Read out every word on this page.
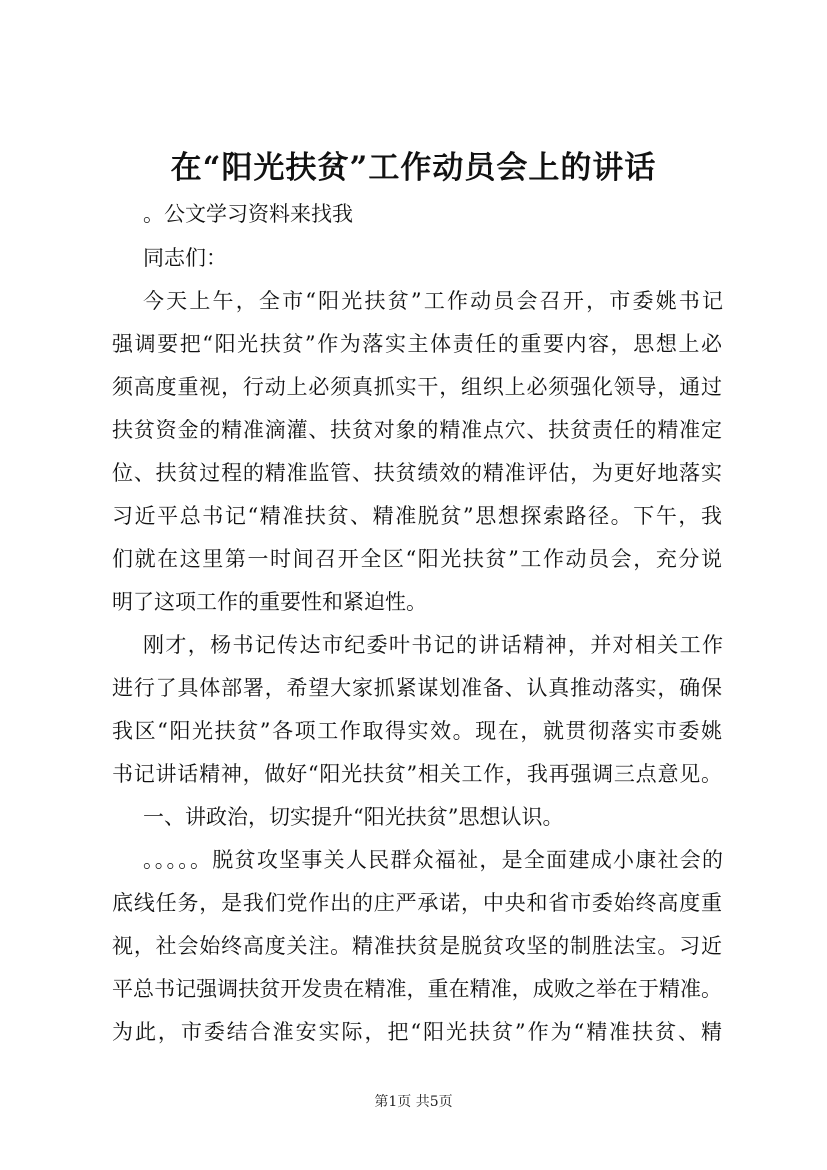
在“阳光扶贫”工作动员会上的讲话
。公文学习资料来找我
同志们：
今天上午，全市“阳光扶贫”工作动员会召开，市委姚书记
强调要把“阳光扶贫”作为落实主体责任的重要内容，思想上必
须高度重视，行动上必须真抓实干，组织上必须强化领导，通过
扶贫资金的精准滴灌、扶贫对象的精准点穴、扶贫责任的精准定
位、扶贫过程的精准监管、扶贫绩效的精准评估，为更好地落实
习近平总书记“精准扶贫、精准脱贫”思想探索路径。下午，我
们就在这里第一时间召开全区“阳光扶贫”工作动员会，充分说
明了这项工作的重要性和紧迫性。
刚才，杨书记传达市纪委叶书记的讲话精神，并对相关工作
进行了具体部署，希望大家抓紧谋划准备、认真推动落实，确保
我区“阳光扶贫”各项工作取得实效。现在，就贯彻落实市委姚
书记讲话精神，做好“阳光扶贫”相关工作，我再强调三点意见。
一、讲政治，切实提升“阳光扶贫”思想认识。
。。。。。脱贫攻坚事关人民群众福祉，是全面建成小康社会的
底线任务，是我们党作出的庄严承诺，中央和省市委始终高度重
视，社会始终高度关注。精准扶贫是脱贫攻坚的制胜法宝。习近
平总书记强调扶贫开发贵在精准，重在精准，成败之举在于精准。
为此，市委结合淮安实际，把“阳光扶贫”作为“精准扶贫、精
第1页 共5页
